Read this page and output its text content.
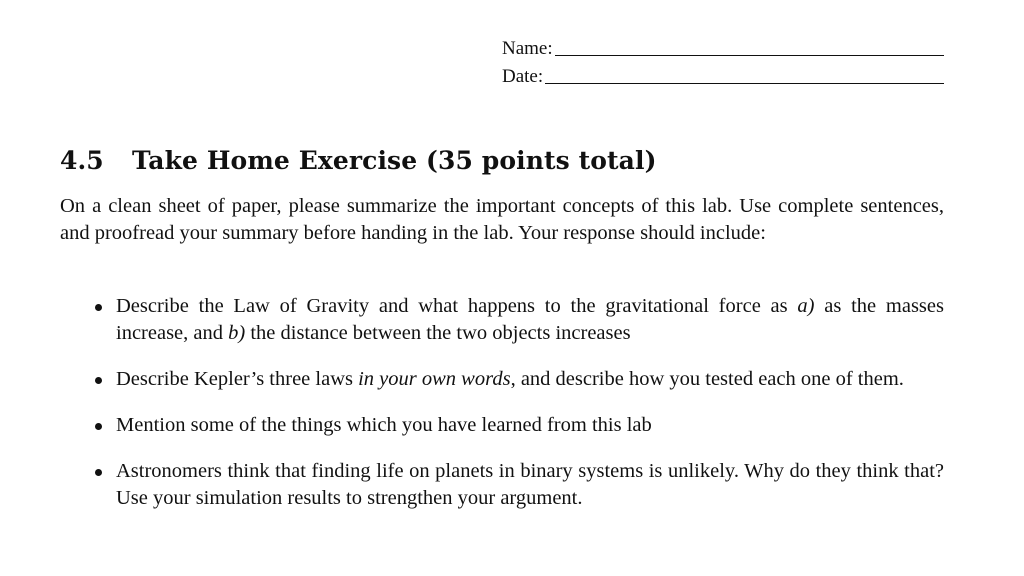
Name:
Date:
4.5 Take Home Exercise (35 points total)

On a clean sheet of paper, please summarize the important concepts of this lab. Use complete sentences, and proofread your summary before handing in the lab. Your response should include:

Describe the Law of Gravity and what happens to the gravitational force as a) as the masses increase, and b) the distance between the two objects increases
Describe Kepler’s three laws in your own words, and describe how you tested each one of them.
Mention some of the things which you have learned from this lab
Astronomers think that finding life on planets in binary systems is unlikely. Why do they think that? Use your simulation results to strengthen your argument.
